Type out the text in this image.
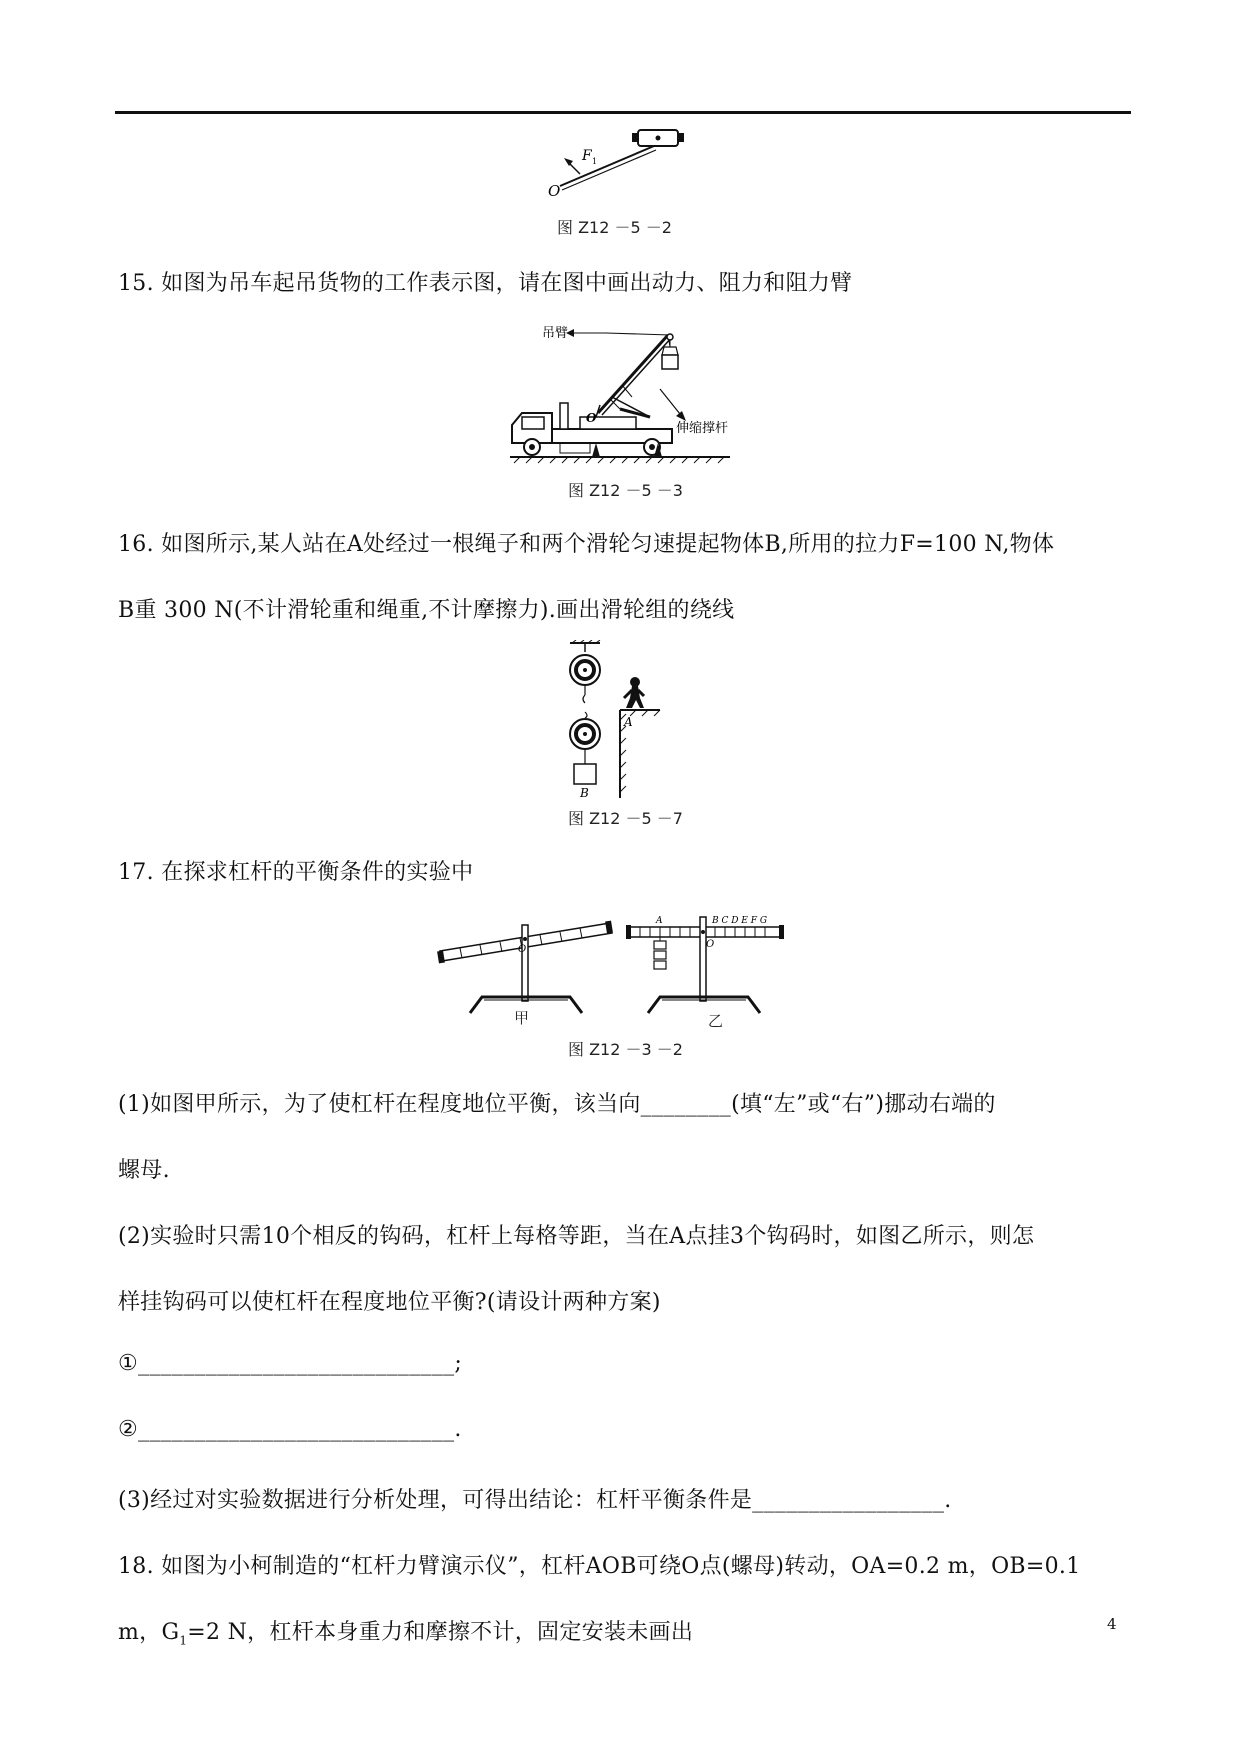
F 1
O
图 Z12 －5 －2
15. 如图为吊车起吊货物的工作表示图，请在图中画出动力、阻力和阻力臂
吊臂
O
伸缩撑杆
图 Z12 －5 －3
16. 如图所示,某人站在A处经过一根绳子和两个滑轮匀速提起物体B,所用的拉力F=100 N,物体
B重 300 N(不计滑轮重和绳重,不计摩擦力).画出滑轮组的绕线
A
B
图 Z12 －5 －7
17. 在探求杠杆的平衡条件的实验中
O
A	B C D E F G
O
甲	乙
图 Z12 －3 －2
(1)如图甲所示，为了使杠杆在程度地位平衡，该当向________(填“左”或“右”)挪动右端的
螺母.
(2)实验时只需10个相反的钩码，杠杆上每格等距，当在A点挂3个钩码时，如图乙所示，则怎
样挂钩码可以使杠杆在程度地位平衡?(请设计两种方案)
①____________________________;
②____________________________.
(3)经过对实验数据进行分析处理，可得出结论：杠杆平衡条件是_________________.
18. 如图为小柯制造的“杠杆力臂演示仪”，杠杆AOB可绕O点(螺母)转动，OA=0.2 m，OB=0.1
m，$G_1=2$ N，杠杆本身重力和摩擦不计，固定安装未画出	4
